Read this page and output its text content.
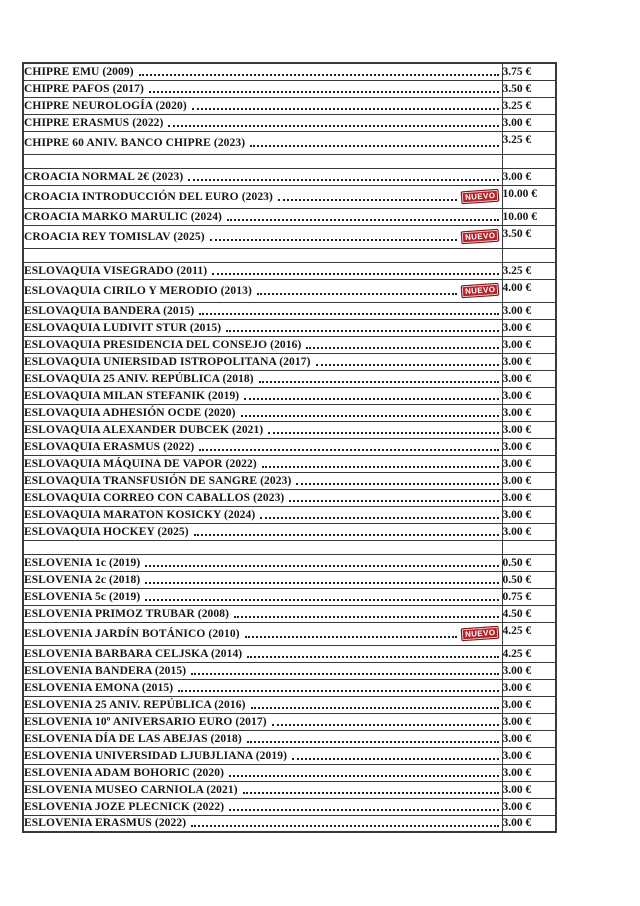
CHIPRE EMU (2009)	3.75 €

CHIPRE PAFOS (2017)	3.50 €

CHIPRE NEUROLOGÍA (2020)	3.25 €

CHIPRE ERASMUS (2022)	3.00 €

CHIPRE 60 ANIV. BANCO CHIPRE (2023)	3.25 €

CROACIA NORMAL 2€ (2023)	3.00 €

CROACIA INTRODUCCIÓN DEL EURO (2023) NUEVO	10.00 €

CROACIA MARKO MARULIC (2024)	10.00 €

CROACIA REY TOMISLAV (2025) NUEVO	3.50 €

ESLOVAQUIA VISEGRADO (2011)	3.25 €

ESLOVAQUIA CIRILO Y MERODIO (2013) NUEVO	4.00 €

ESLOVAQUIA BANDERA (2015)	3.00 €

ESLOVAQUIA LUDIVIT STUR (2015)	3.00 €

ESLOVAQUIA PRESIDENCIA DEL CONSEJO (2016)	3.00 €

ESLOVAQUIA UNIERSIDAD ISTROPOLITANA (2017)	3.00 €

ESLOVAQUIA 25 ANIV. REPÚBLICA (2018)	3.00 €

ESLOVAQUIA MILAN STEFANIK (2019)	3.00 €

ESLOVAQUIA ADHESIÓN OCDE (2020)	3.00 €

ESLOVAQUIA ALEXANDER DUBCEK (2021)	3.00 €

ESLOVAQUIA ERASMUS (2022)	3.00 €

ESLOVAQUIA MÁQUINA DE VAPOR (2022)	3.00 €

ESLOVAQUIA TRANSFUSIÓN DE SANGRE (2023)	3.00 €

ESLOVAQUIA CORREO CON CABALLOS (2023)	3.00 €

ESLOVAQUIA MARATON KOSICKY (2024)	3.00 €

ESLOVAQUIA HOCKEY (2025)	3.00 €

ESLOVENIA 1c (2019)	0.50 €

ESLOVENIA 2c (2018)	0.50 €

ESLOVENIA 5c (2019)	0.75 €

ESLOVENIA PRIMOZ TRUBAR (2008)	4.50 €

ESLOVENIA JARDÍN BOTÁNICO (2010) NUEVO	4.25 €

ESLOVENIA BARBARA CELJSKA (2014)	4.25 €

ESLOVENIA BANDERA (2015)	3.00 €

ESLOVENIA EMONA (2015)	3.00 €

ESLOVENIA 25 ANIV. REPÚBLICA (2016)	3.00 €

ESLOVENIA 10º ANIVERSARIO EURO (2017)	3.00 €

ESLOVENIA DÍA DE LAS ABEJAS (2018)	3.00 €

ESLOVENIA UNIVERSIDAD LJUBJLIANA (2019)	3.00 €

ESLOVENIA ADAM BOHORIC (2020)	3.00 €

ESLOVENIA MUSEO CARNIOLA (2021)	3.00 €

ESLOVENIA JOZE PLECNICK (2022)	3.00 €

ESLOVENIA ERASMUS (2022)	3.00 €
